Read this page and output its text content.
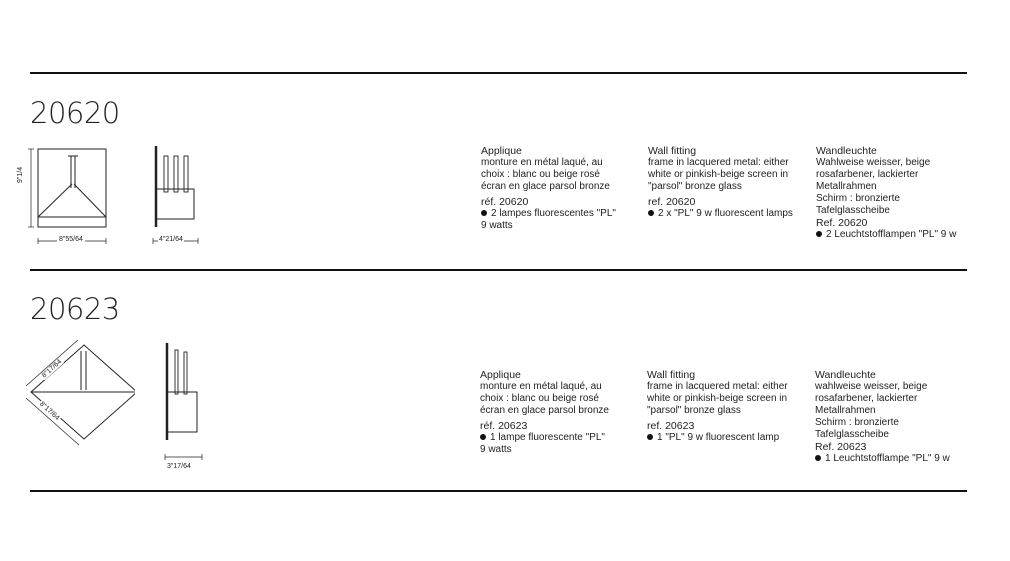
20620
9"1/4
8"55/64	4"21/64
Applique
monture en métal laqué, au
choix : blanc ou beige rosé
écran en glace parsol bronze
réf. 20620
2 lampes fluorescentes "PL"
9 watts
Wall fitting
frame in lacquered metal: either
white or pinkish-beige screen in
"parsol" bronze glass
ref. 20620
2 x "PL" 9 w fluorescent lamps
Wandleuchte
Wahlweise weisser, beige
rosafarbener, lackierter
Metallrahmen
Schirm : bronzierte
Tafelglasscheibe
Ref. 20620
2 Leuchtstofflampen "PL" 9 w
20623
8"17/64
8"17/64
3"17/64
Applique
monture en métal laqué, au
choix : blanc ou beige rosé
écran en glace parsol bronze
réf. 20623
1 lampe fluorescente "PL"
9 watts
Wall fitting
frame in lacquered metal: either
white or pinkish-beige screen in
"parsol" bronze glass
ref. 20623
1 "PL" 9 w fluorescent lamp
Wandleuchte
wahlweise weisser, beige
rosafarbener, lackierter
Metallrahmen
Schirm : bronzierte
Tafelglasscheibe
Ref. 20623
1 Leuchtstofflampe "PL" 9 w
